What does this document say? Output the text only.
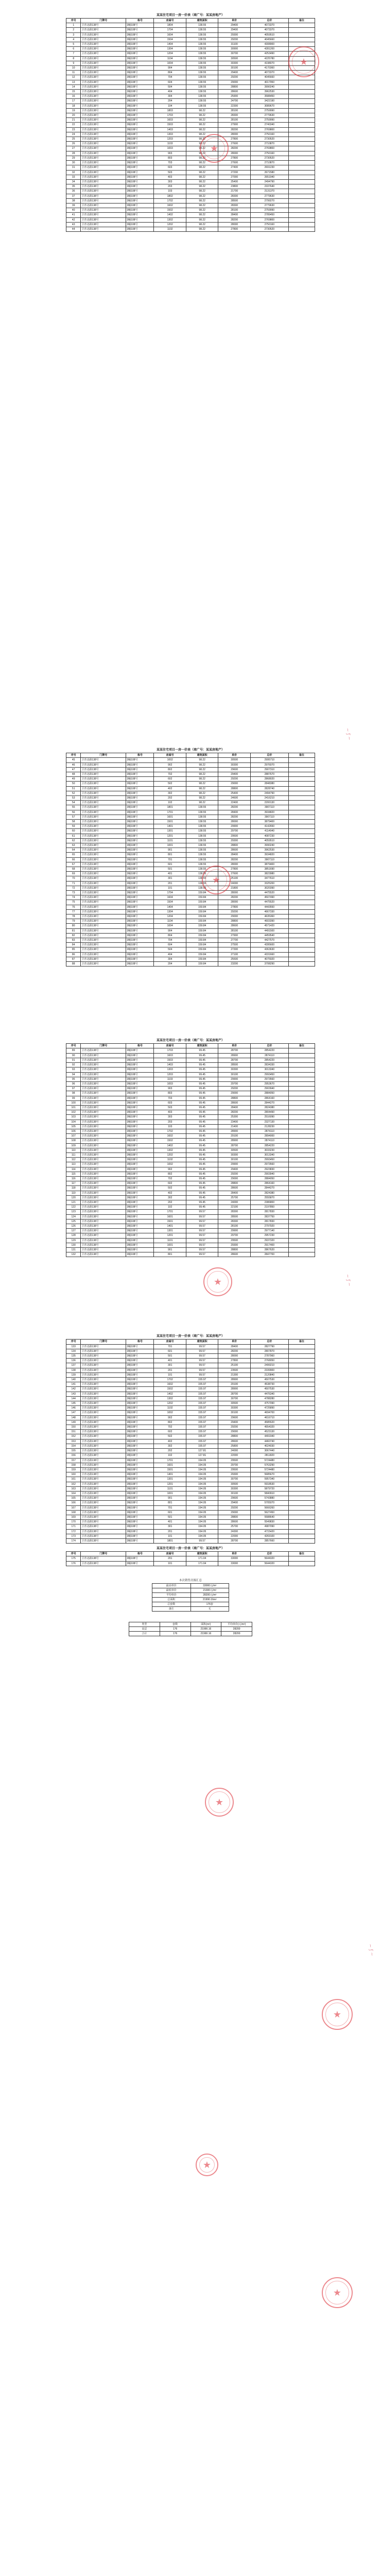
某某住宅项目一房一价表（商广号：某某房地产）
序号	门牌号	栋号	房屋号	建筑面积	单价	总价	备注
1	卫青北路138号	3幢108号	1804	138.55	29400	4073370	
2	卫青北路138号	3幢108号	1704	138.55	29400	4073370	
3	卫青北路138号	3幢108号	1604	138.55	29300	4059510	
4	卫青北路138号	3幢108号	1504	138.55	29200	4045660	
5	卫青北路138号	3幢108号	1404	138.55	31100	4308900	
6	卫青北路138号	3幢108号	1304	138.55	30900	4281200	
7	卫青北路138号	3幢108号	1204	138.55	30700	4253490	
8	卫青北路138号	3幢108号	1104	138.55	30500	4225780	
9	卫青北路138号	3幢108号	1004	138.55	30300	4198070	
10	卫青北路138号	3幢108号	904	138.55	30100	4170360	
11	卫青北路138号	3幢108号	804	138.55	29400	4073370	
12	卫青北路138号	3幢108号	704	138.55	29200	4045660	
13	卫青北路138号	3幢108号	604	138.55	29000	4017950	
14	卫青北路138号	3幢108号	504	138.55	28800	3990240	
15	卫青北路138号	3幢108号	404	138.55	28600	3962530	
16	卫青北路138号	3幢108号	304	138.55	25900	3588450	
17	卫青北路138号	3幢108号	204	138.55	24700	3422190	
18	卫青北路138号	3幢108号	104	138.55	22300	3089670	
19	卫青北路138号	3幢108号	1803	98.22	28100	2759990	
20	卫青北路138号	3幢108号	1703	98.22	28300	2779630	
21	卫青北路138号	3幢108号	1603	98.22	28100	2759990	
22	卫青北路138号	3幢108号	1503	98.22	27900	2740340	
23	卫青北路138号	3幢108号	1403	98.22	28200	2769800	
24	卫青北路138号	3幢108号	1303	98.22	28000	2750160	
25	卫青北路138号	3幢108号	1203	98.22	27800	2730520	
26	卫青北路138号	3幢108号	1103	98.22	27600	2710870	
27	卫青北路138号	3幢108号	1003	98.22	28200	2769800	
28	卫青北路138号	3幢108号	903	98.22	28000	2750160	
29	卫青北路138号	3幢108号	803	98.22	27800	2730520	
30	卫青北路138号	3幢108号	703	98.22	27600	2710870	
31	卫青北路138号	3幢108号	603	98.22	27400	2691230	
32	卫青北路138号	3幢108号	503	98.22	27200	2671580	
33	卫青北路138号	3幢108号	403	98.22	27000	2651940	
34	卫青北路138号	3幢108号	303	98.22	25400	2494790	
35	卫青北路138号	3幢108号	203	98.22	23800	2337640	
36	卫青北路138号	3幢108号	103	98.22	21700	2131370	
37	卫青北路138号	3幢108号	1802	98.22	28300	2779630	
38	卫青北路138号	3幢108号	1702	98.22	28500	2799270	
39	卫青北路138号	3幢108号	1602	98.22	28300	2779630	
40	卫青北路138号	3幢108号	1502	98.22	28100	2759990	
41	卫青北路138号	3幢108号	1402	98.22	28400	2789450	
42	卫青北路138号	3幢108号	1302	98.22	28200	2769800	
43	卫青北路138号	3幢108号	1202	98.22	28000	2750160	
44	卫青北路138号	3幢108号	1102	98.22	27800	2730520	
某某住宅项目一房一价表（商广号：某某房地产）
序号	门牌号	栋号	房屋号	建筑面积	单价	总价	备注
45	卫青北路138号	3幢108号	1002	98.22	30500	2995710	
46	卫青北路138号	3幢108号	902	98.22	30300	2976070	
47	卫青北路138号	3幢108号	802	98.22	29600	2907310	
48	卫青北路138号	3幢108号	702	98.22	29400	2887670	
49	卫青北路138号	3幢108号	602	98.22	29200	2868020	
50	卫青北路138号	3幢108号	502	98.22	29000	2848380	
51	卫青北路138号	3幢108号	402	98.22	28800	2828740	
52	卫青北路138号	3幢108号	302	98.22	25400	2494790	
53	卫青北路138号	3幢108号	202	98.22	24600	2416210	
54	卫青北路138号	3幢108号	102	98.22	22400	2200130	
55	卫青北路138号	3幢108号	1801	138.55	28200	3907110	
56	卫青北路138号	3幢108号	1701	138.55	28400	3934820	
57	卫青北路138号	3幢108号	1601	138.55	28200	3907110	
58	卫青北路138号	3幢108号	1501	138.55	28000	3879400	
59	卫青北路138号	3幢108号	1401	138.55	29900	4142650	
60	卫青北路138号	3幢108号	1301	138.55	29700	4114940	
61	卫青北路138号	3幢108号	1201	138.55	29500	4087230	
62	卫青北路138号	3幢108号	1101	138.55	29300	4059510	
63	卫青北路138号	3幢108号	1001	138.55	28800	3990240	
64	卫青北路138号	3幢108号	901	138.55	28600	3962530	
65	卫青北路138号	3幢108号	801	138.55	28400	3934820	
66	卫青北路138号	3幢108号	701	138.55	28200	3907110	
67	卫青北路138号	3幢108号	601	138.55	28000	3879400	
68	卫青北路138号	3幢108号	501	138.55	27800	3851690	
69	卫青北路138号	3幢108号	401	138.55	27600	3823980	
70	卫青北路138号	3幢108号	301	138.55	25100	3477610	
71	卫青北路138号	3幢108号	201	138.55	24000	3325200	
72	卫青北路138号	3幢108号	101	138.55	21800	3020390	
73	卫青北路138号	3幢108号	1704	159.84	28000	4475520	
74	卫青北路138号	3幢108号	1604	159.84	28200	4507490	
75	卫青北路138号	3幢108号	1504	159.84	28000	4475520	
76	卫青北路138号	3幢108号	1404	159.84	27800	4443550	
77	卫青北路138号	3幢108号	1304	159.84	29200	4667330	
78	卫青北路138号	3幢108号	1204	159.84	29000	4635360	
79	卫青北路138号	3幢108号	1104	159.84	28800	4603390	
80	卫青北路138号	3幢108号	1004	159.84	28600	4571420	
81	卫青北路138号	3幢108号	904	159.84	28100	4491500	
82	卫青北路138号	3幢108号	804	159.84	27900	4459540	
83	卫青北路138号	3幢108号	704	159.84	27700	4427570	
84	卫青北路138号	3幢108号	604	159.84	27500	4395600	
85	卫青北路138号	3幢108号	504	159.84	27300	4363630	
86	卫青北路138号	3幢108号	404	159.84	27100	4331660	
87	卫青北路138号	3幢108号	304	159.84	25500	4075920	
88	卫青北路138号	3幢108号	204	159.84	23200	3708290	
某某住宅项目一房一价表（商广号：某某房地产）
序号	门牌号	栋号	房屋号	建筑面积	单价	总价	备注
89	卫青北路138号	3幢108号	1703	99.45	28700	2854220	
90	卫青北路138号	3幢108号	1603	99.45	28900	2874110	
91	卫青北路138号	3幢108号	1503	99.45	28700	2854220	
92	卫青北路138号	3幢108号	1403	99.45	28500	2834330	
93	卫青北路138号	3幢108号	1303	99.45	30300	3013340	
94	卫青北路138号	3幢108号	1203	99.45	30100	2993450	
95	卫青北路138号	3幢108号	1103	99.45	29900	2973560	
96	卫青北路138号	3幢108号	1003	99.45	29700	2953670	
97	卫青北路138号	3幢108号	903	99.45	29200	2903940	
98	卫青北路138号	3幢108号	803	99.45	29000	2884050	
99	卫青北路138号	3幢108号	703	99.45	28800	2864160	
100	卫青北路138号	3幢108号	603	99.45	28600	2844270	
101	卫青北路138号	3幢108号	503	99.45	28400	2824380	
102	卫青北路138号	3幢108号	403	99.45	28200	2804490	
103	卫青北路138号	3幢108号	303	99.45	25300	2516090	
104	卫青北路138号	3幢108号	203	99.45	23400	2327130	
105	卫青北路138号	3幢108号	103	99.45	21400	2128230	
106	卫青北路138号	3幢108号	1702	99.45	28900	2874110	
107	卫青北路138号	3幢108号	1602	99.45	29100	2894000	
108	卫青北路138号	3幢108号	1502	99.45	28900	2874110	
109	卫青北路138号	3幢108号	1402	99.45	28700	2854220	
110	卫青北路138号	3幢108号	1302	99.45	30500	3033230	
111	卫青北路138号	3幢108号	1202	99.45	30300	3013340	
112	卫青北路138号	3幢108号	1102	99.45	30100	2993450	
113	卫青北路138号	3幢108号	1002	99.45	29900	2973560	
114	卫青北路138号	3幢108号	902	99.45	29400	2923830	
115	卫青北路138号	3幢108号	802	99.45	29200	2903940	
116	卫青北路138号	3幢108号	702	99.45	29000	2884050	
117	卫青北路138号	3幢108号	602	99.45	28800	2864160	
118	卫青北路138号	3幢108号	502	99.45	28600	2844270	
119	卫青北路138号	3幢108号	402	99.45	28400	2824380	
120	卫青北路138号	3幢108号	302	99.45	25700	2555870	
121	卫青北路138号	3幢108号	202	99.45	24000	2386800	
122	卫青北路138号	3幢108号	102	99.45	22100	2197850	
123	卫青北路138号	3幢108号	1701	99.57	28300	2817830	
124	卫青北路138号	3幢108号	1601	99.57	28500	2837750	
125	卫青北路138号	3幢108号	1501	99.57	28300	2817830	
126	卫青北路138号	3幢108号	1401	99.57	28100	2797920	
127	卫青北路138号	3幢108号	1301	99.57	29900	2977140	
128	卫青北路138号	3幢108号	1201	99.57	29700	2957230	
129	卫青北路138号	3幢108号	1101	99.57	29500	2937320	
130	卫青北路138号	3幢108号	1001	99.57	29300	2917400	
131	卫青北路138号	3幢108号	901	99.57	28800	2867620	
132	卫青北路138号	3幢108号	801	99.57	28600	2847700	
某某住宅项目一房一价表（商广号：某某房地产）
序号	门牌号	栋号	房屋号	建筑面积	单价	总价	备注
133	卫青北路138号	3幢108号	701	99.57	28400	2827790	
134	卫青北路138号	3幢108号	601	99.57	28200	2807870	
135	卫青北路138号	3幢108号	501	99.57	28000	2787960	
136	卫青北路138号	3幢108号	401	99.57	27800	2768050	
137	卫青北路138号	3幢108号	301	99.57	25100	2499210	
138	卫青北路138号	3幢108号	201	99.57	23500	2339900	
139	卫青北路138号	3幢108号	101	99.57	21300	2120840	
140	卫青北路138号	3幢108号	1702	155.97	28900	4507530	
141	卫青北路138号	3幢108号	1602	155.97	29100	4538730	
142	卫青北路138号	3幢108号	1502	155.97	28900	4507530	
143	卫青北路138号	3幢108号	1402	155.97	28700	4476340	
144	卫青北路138号	3幢108号	1302	155.97	30700	4788280	
145	卫青北路138号	3幢108号	1202	155.97	30500	4757090	
146	卫青北路138号	3幢108号	1102	155.97	30300	4725890	
147	卫青北路138号	3幢108号	1002	155.97	30100	4694700	
148	卫青北路138号	3幢108号	902	155.97	29600	4616710	
149	卫青北路138号	3幢108号	802	155.97	29400	4585520	
150	卫青北路138号	3幢108号	702	155.97	29200	4554320	
151	卫青北路138号	3幢108号	602	155.97	29000	4523130	
152	卫青北路138号	3幢108号	502	155.97	28800	4491940	
153	卫青北路138号	3幢108号	402	155.97	28600	4460740	
154	卫青北路138号	3幢108号	302	155.97	25800	4024030	
155	卫青北路138号	3幢108号	202	127.81	24000	3067440	
156	卫青北路138号	3幢108号	102	127.81	22000	2811820	
157	卫青北路138号	3幢108号	1701	194.05	29500	5724480	
158	卫青北路138号	3幢108号	1601	194.05	29700	5763290	
159	卫青北路138号	3幢108号	1501	194.05	29500	5724480	
160	卫青北路138号	3幢108号	1401	194.05	29300	5685670	
161	卫青北路138号	3幢108号	1301	194.05	30700	5957340	
162	卫青北路138号	3幢108号	1201	194.05	30500	5918530	
163	卫青北路138号	3幢108号	1101	194.05	30300	5879720	
164	卫青北路138号	3幢108号	1001	194.05	30100	5840910	
165	卫青北路138号	3幢108号	901	194.05	29600	5743880	
166	卫青北路138号	3幢108号	801	194.05	29400	5705070	
167	卫青北路138号	3幢108号	701	194.05	29200	5666260	
168	卫青北路138号	3幢108号	601	194.05	29000	5627450	
169	卫青北路138号	3幢108号	501	194.05	28800	5588640	
170	卫青北路138号	3幢108号	401	194.05	28600	5549830	
171	卫青北路138号	3幢108号	301	194.05	25700	4987090	
172	卫青北路138号	3幢108号	201	194.05	24300	4715420	
173	卫青北路138号	3幢108号	101	194.05	22000	4269100	
174	卫青北路138号	3幢108号	1801	99.57	28700	2857660	
某某住宅项目一房一价表（商广号：某某房地产）
序号	门牌号	栋号	房屋号	建筑面积	单价	总价	备注
175	卫青北路138号	3幢108号	201	171.04	33000	5644320	
176	卫青北路138号	3幢108号	101	171.04	33000	5644320	
本次销售房源汇总
最高单价	33000元/m²
最低单价	21300元/m²
平均单价	28200元/m²
总面积	21990.16m²
总套数	176套
备注	无
类型	套数	面积(m²)	平均单价(元/m²)
高层	176	21990.16	28200
合计	176	21990.16	28200
★
★
★
★
★
★
★
★
~ ƒ ~
~ ƒ ~
~ ƒ ~
